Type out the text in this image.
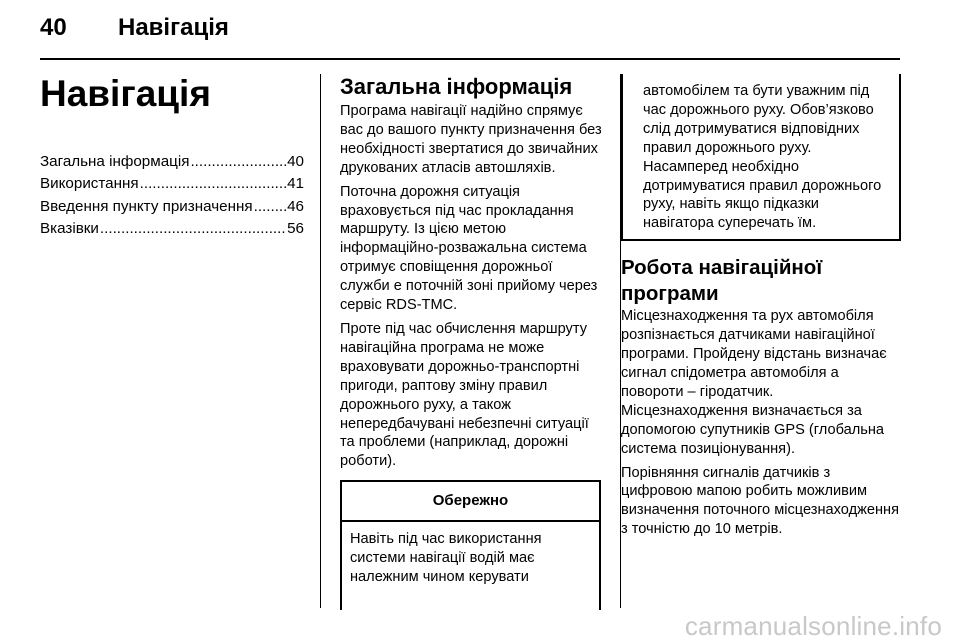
40 Навігація
Навігація
Загальна інформація .....	40
Використання .....	41
Введення пункту призначення ..... 46
Вказівки .....	56
Загальна інформація

Програма навігації надійно спрямує вас до вашого пункту призначення без необхідності звертатися до звичайних друкованих атласів автошляхів.

Поточна дорожня ситуація враховується під час прокладання маршруту. Із цією метою інформаційно-розважальна система отримує сповіщення дорожньої служби е поточній зоні прийому через сервіс RDS-TMC.

Проте під час обчислення маршруту навігаційна програма не може враховувати дорожньо-транспортні пригоди, раптову зміну правил дорожнього руху, а також непередбачувані небезпечні ситуації та проблеми (наприклад, дорожні роботи).

Обережно
Навіть під час використання системи навігації водій має належним чином керувати
автомобілем та бути уважним під час дорожнього руху. Обов’язково слід дотримуватися відповідних правил дорожнього руху. Насамперед необхідно дотримуватися правил дорожнього руху, навіть якщо підказки навігатора суперечать їм.
Робота навігаційної програми

Місцезнаходження та рух автомобіля розпізнається датчиками навігаційної програми. Пройдену відстань визначає сигнал спідометра автомобіля а повороти – гіродатчик. Місцезнаходження визначається за допомогою супутників GPS (глобальна система позиціонування).

Порівняння сигналів датчиків з цифровою мапою робить можливим визначення поточного місцезнаходження з точністю до 10 метрів.

carmanualsonline.info
